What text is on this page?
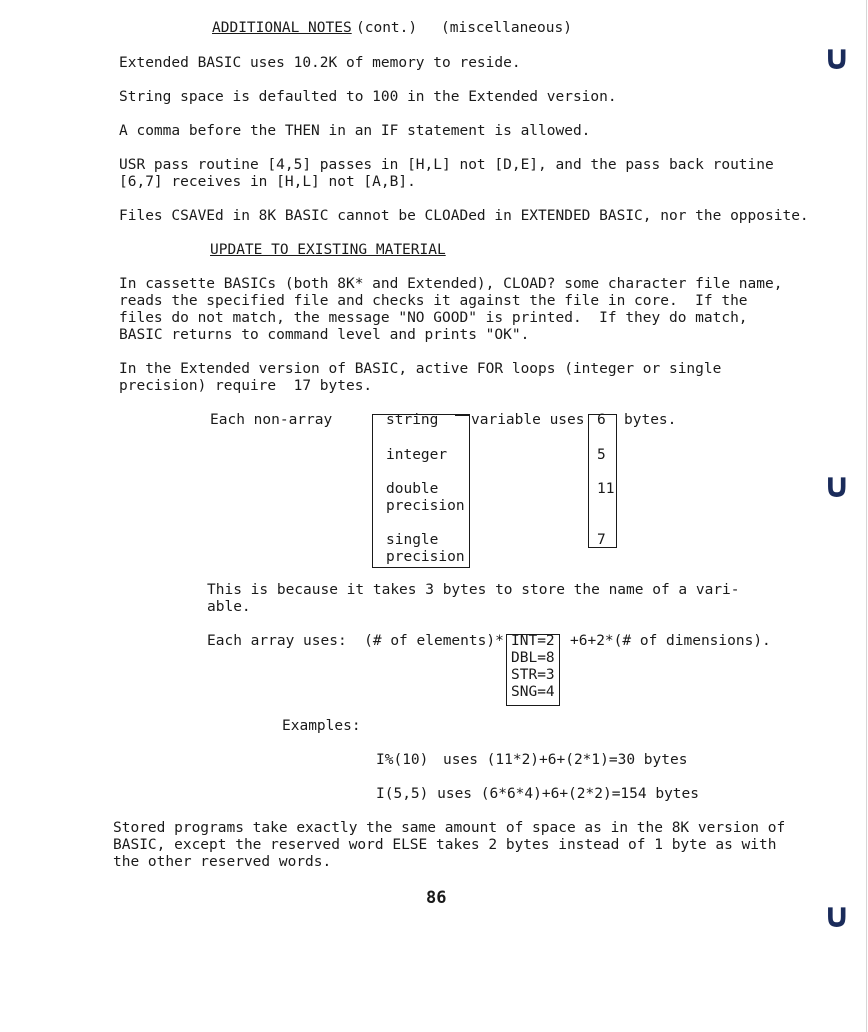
ADDITIONAL NOTES (cont.) (miscellaneous)
Extended BASIC uses 10.2K of memory to reside.
String space is defaulted to 100 in the Extended version.
A comma before the THEN in an IF statement is allowed.
USR pass routine [4,5] passes in [H,L] not [D,E], and the pass back routine
[6,7] receives in [H,L] not [A,B].
Files CSAVEd in 8K BASIC cannot be CLOADed in EXTENDED BASIC, nor the opposite.
UPDATE TO EXISTING MATERIAL
In cassette BASICs (both 8K* and Extended), CLOAD? some character file name,
reads the specified file and checks it against the file in core.  If the
files do not match, the message "NO GOOD" is printed.  If they do match,
BASIC returns to command level and prints "OK".
In the Extended version of BASIC, active FOR loops (integer or single
precision) require  17 bytes.
Each non-array	string
integer
double
precision
single
precision
variable uses 6
5
11
7
bytes.
This is because it takes 3 bytes to store the name of a vari-
able.
Each array uses:  (# of elements)* INT=2
DBL=8
STR=3
SNG=4
+6+2*(# of dimensions).
Examples:
I%(10) uses (11*2)+6+(2*1)=30 bytes
I(5,5) uses (6*6*4)+6+(2*2)=154 bytes
Stored programs take exactly the same amount of space as in the 8K version of
BASIC, except the reserved word ELSE takes 2 bytes instead of 1 byte as with
the other reserved words.
86
∪
∪
∪
